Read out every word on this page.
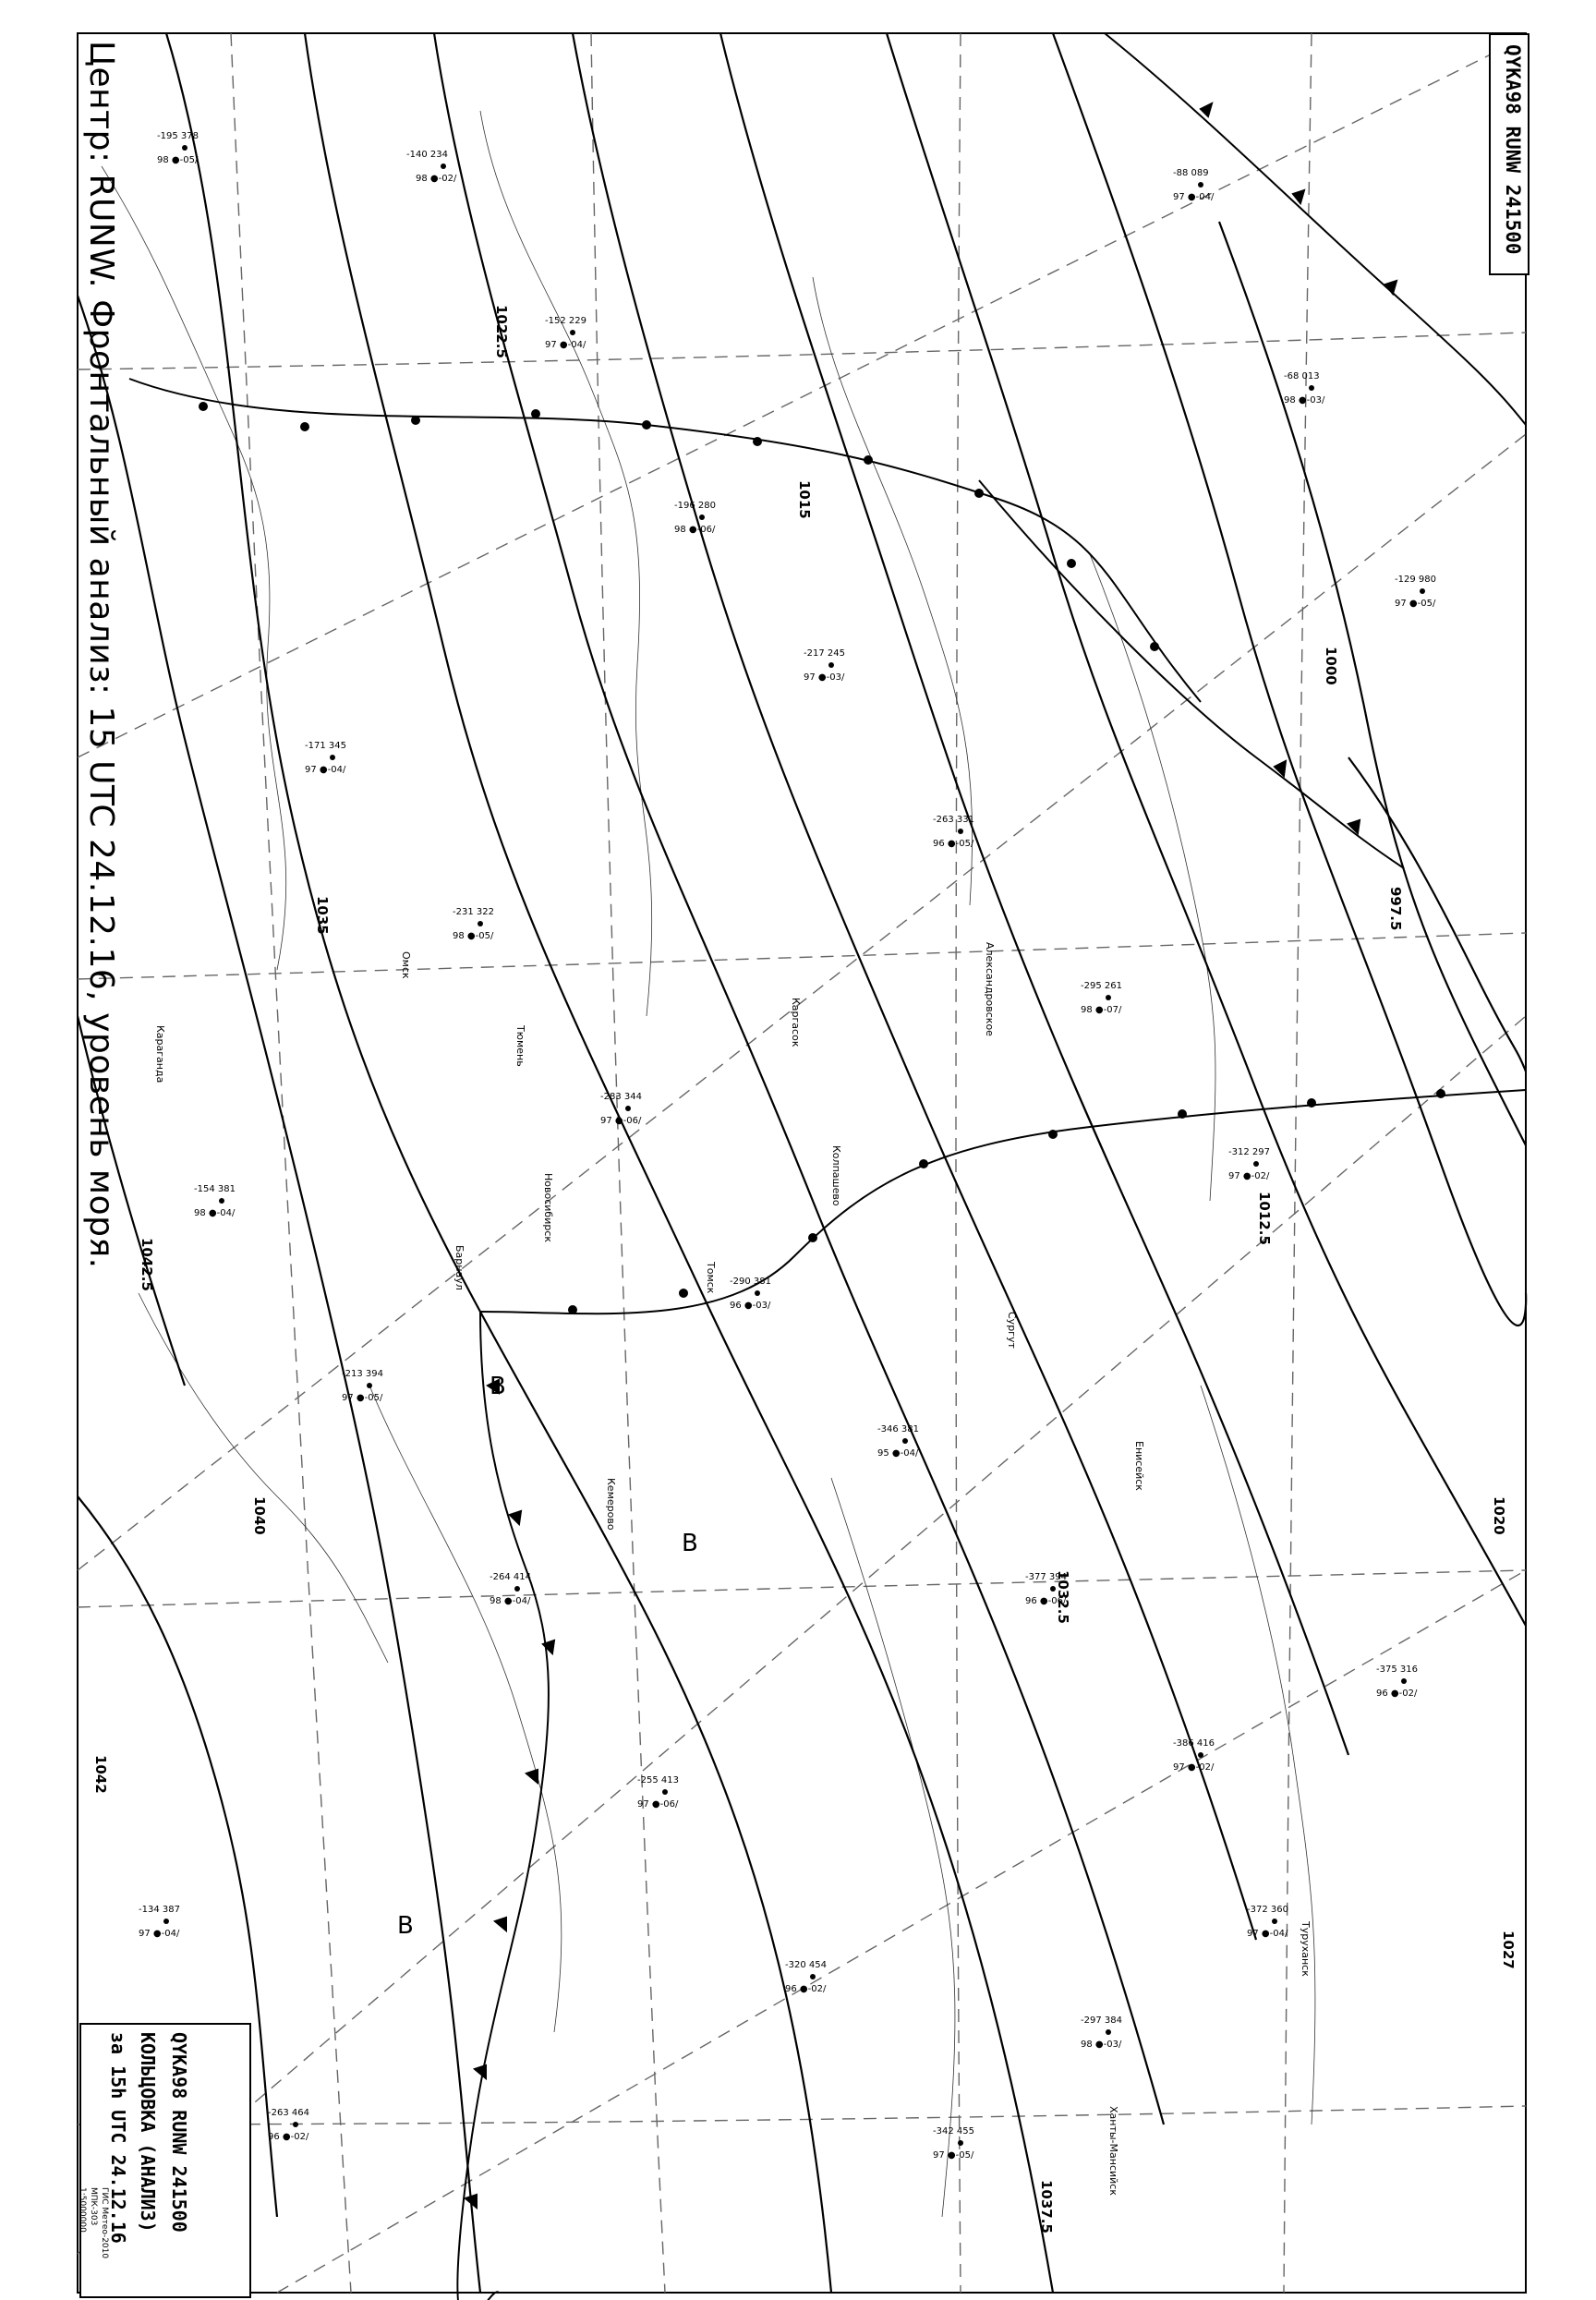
-140 234
98 ●-02/
-152 229
97 ●-04/
-196 280
98 ●-06/
-217 245
97 ●-03/
-263 331
96 ●-05/
-295 261
98 ●-07/
-312 297
97 ●-02/
-171 345
97 ●-04/
-231 322
98 ●-05/
-283 344
97 ●-06/
-290 381
96 ●-03/
-346 381
95 ●-04/
-377 394
96 ●-06/
-386 416
97 ●-02/
-154 381
98 ●-04/
-213 394
97 ●-05/
-264 414
98 ●-04/
-255 413
97 ●-06/
-320 454
96 ●-02/
-342 455
97 ●-05/
-297 384
98 ●-03/
-372 360
97 ●-04/
-375 316
96 ●-02/
-129 980
97 ●-05/
-68 013
98 ●-03/
-88 089
97 ●-04/
-195 378
98 ●-05/
-134 387
97 ●-04/
-263 464
96 ●-02/
1000
997.5
1012.5
1015
1022.5
1020
1032.5
1037.5
1040
1042.5
1035
1027
1042
В
В
В
Новосибирск
Томск
Колпашево
Александровское
Барнаул
Ханты-Мансийск
Сургут
Тюмень
Омск
Караганда
Туруханск
Енисейск
Кемерово
Каргасок
Центр: RUNW. Фронтальный анализ: 15 UTC 24.12.16, уровень моря.	QYKA98 RUNW 241500
QYKA98 RUNW 241500
КОЛЬЦОВКА (АНАЛИЗ)
за 15h UTC 24.12.16
ГИС Метео-2010
МПК-303
1:5000000
